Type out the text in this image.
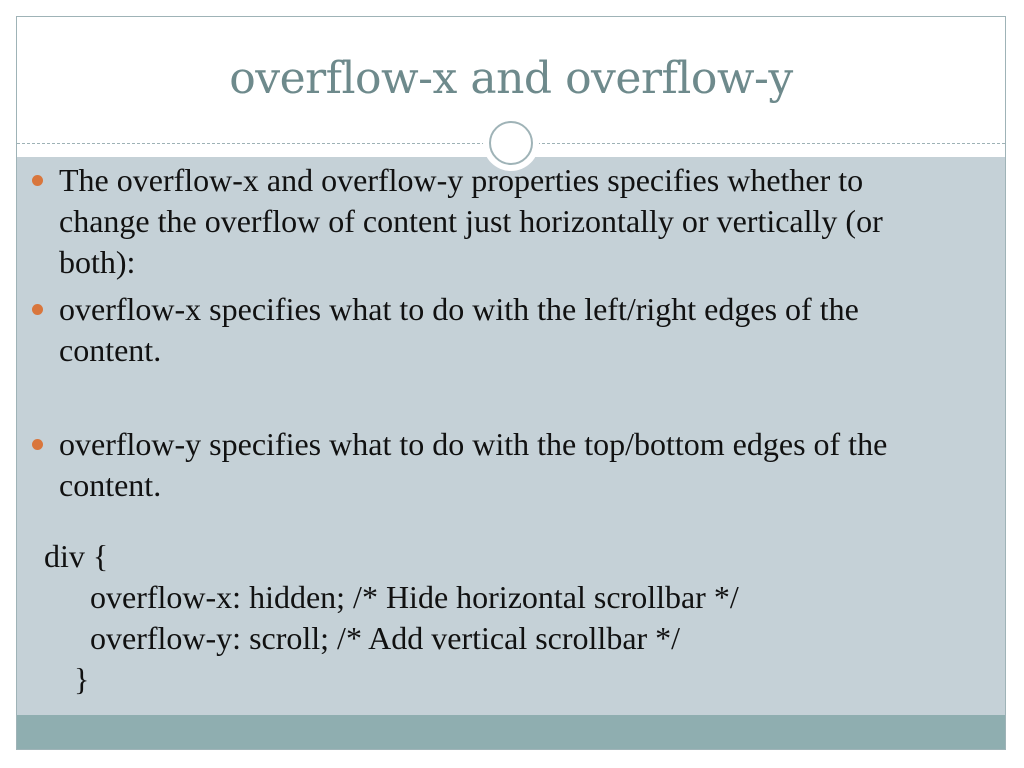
overflow-x and overflow-y
The overflow-x and overflow-y properties specifies whether to change the overflow of content just horizontally or vertically (or both):
overflow-x specifies what to do with the left/right edges of the content.
overflow-y specifies what to do with the top/bottom edges of the content.
div {
overflow-x: hidden; /* Hide horizontal scrollbar */
overflow-y: scroll; /* Add vertical scrollbar */
}
